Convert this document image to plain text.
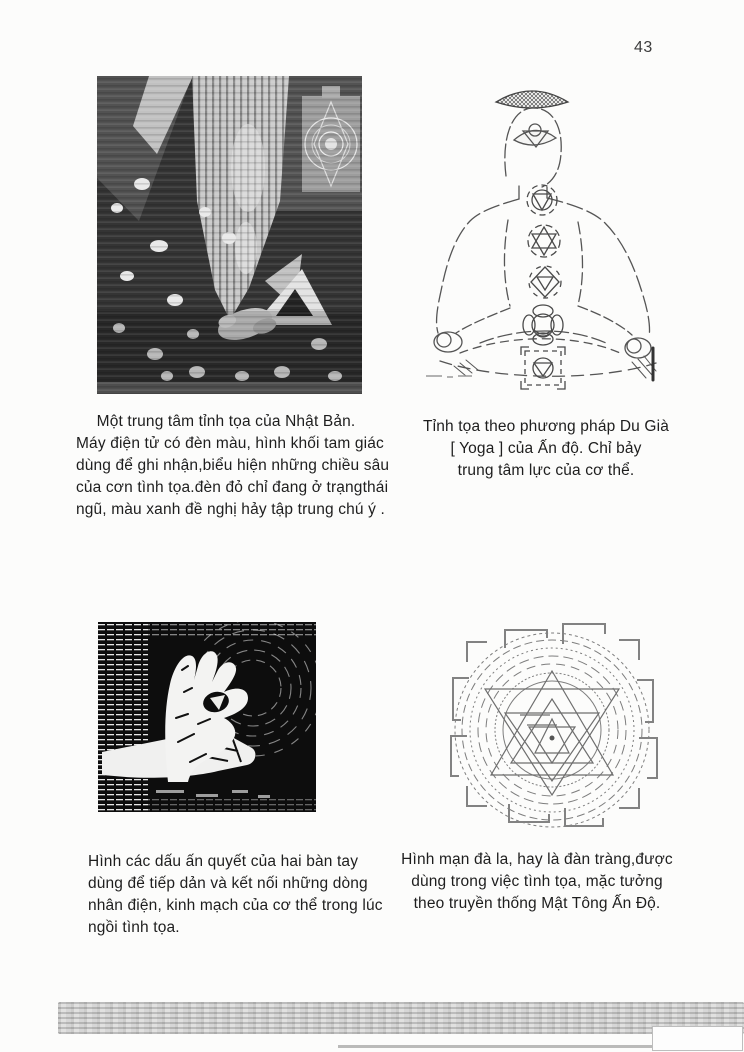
43
Một trung tâm tỉnh tọa của Nhật Bản.
Máy điện tử có đèn màu, hình khối tam giác
dùng để ghi nhận,biểu hiện những chiều sâu
của cơn tình tọa.đèn đỏ chỉ đang ở trạngthái
ngũ, màu xanh đề nghị hảy tập trung chú ý .
Tỉnh tọa theo phương pháp Du Già
[ Yoga ] của Ấn độ. Chỉ bảy
trung tâm lực của cơ thể.
Hình các dấu ấn quyết của hai bàn tay
dùng để tiếp dản và kết nối những dòng
nhân điện, kinh mạch của cơ thể trong lúc
ngồi tình tọa.
Hình mạn đà la, hay là đàn tràng,được
dùng trong việc tình tọa, mặc tưởng
theo truyền thống Mật Tông Ấn Độ.
